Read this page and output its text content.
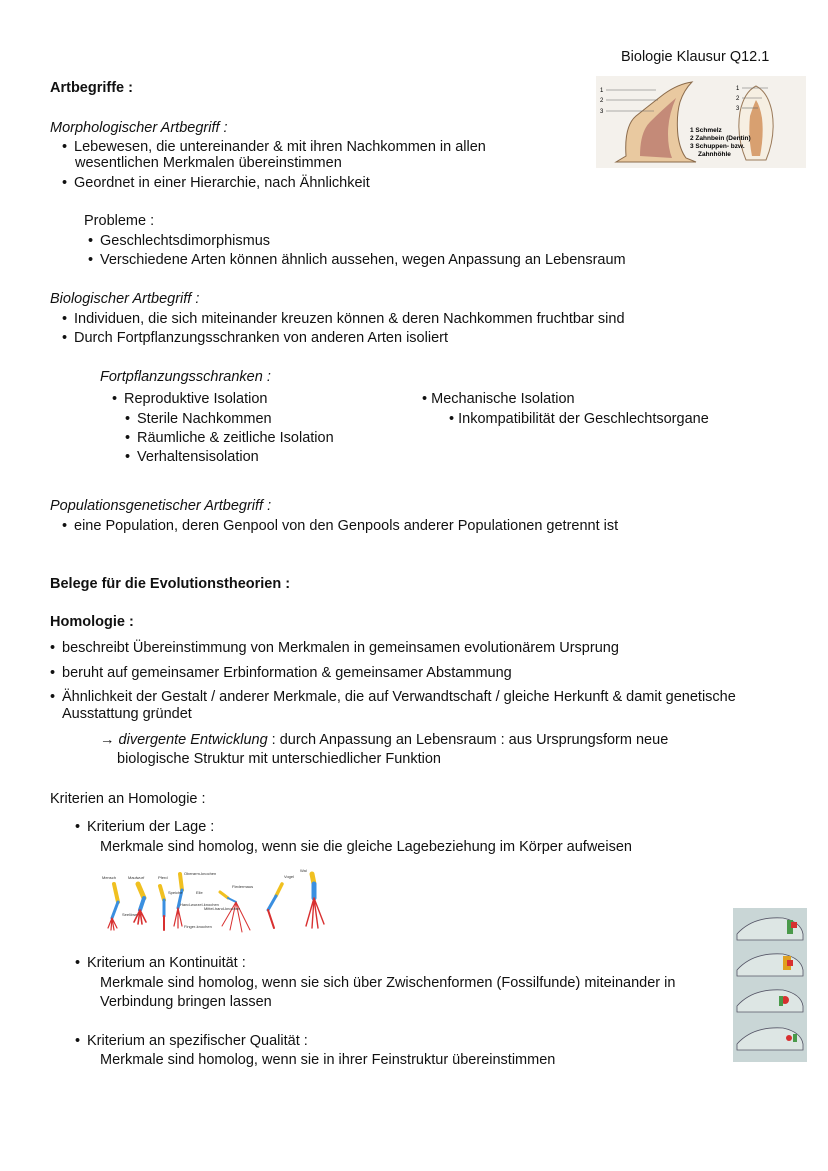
Biologie Klausur Q12.1
Artbegriffe :
Morphologischer Artbegriff :
• Lebewesen, die untereinander & mit ihren Nachkommen in allen
wesentlichen Merkmalen übereinstimmen
• Geordnet in einer Hierarchie, nach Ähnlichkeit
Probleme :
• Geschlechtsdimorphismus
• Verschiedene Arten können ähnlich aussehen, wegen Anpassung an Lebensraum
Biologischer Artbegriff :
• Individuen, die sich miteinander kreuzen können & deren Nachkommen fruchtbar sind
• Durch Fortpflanzungsschranken von anderen Arten isoliert
Fortpflanzungsschranken :
• Reproduktive Isolation
• Sterile Nachkommen
• Räumliche & zeitliche Isolation
• Verhaltensisolation
• Mechanische Isolation
• Inkompatibilität der Geschlechtsorgane
Populationsgenetischer Artbegriff :
• eine Population, deren Genpool von den Genpools anderer Populationen getrennt ist
Belege für die Evolutionstheorien :
Homologie :
• beschreibt Übereinstimmung von Merkmalen in gemeinsamen evolutionärem Ursprung
• beruht auf gemeinsamer Erbinformation & gemeinsamer Abstammung
• Ähnlichkeit der Gestalt / anderer Merkmale, die auf Verwandtschaft / gleiche Herkunft & damit genetische
Ausstattung gründet
→ divergente Entwicklung : durch Anpassung an Lebensraum : aus Ursprungsform neue
biologische Struktur mit unterschiedlicher Funktion
Kriterien an Homologie :
• Kriterium der Lage :
Merkmale sind homolog, wenn sie die gleiche Lagebeziehung im Körper aufweisen
• Kriterium an Kontinuität :
Merkmale sind homolog, wenn sie sich über Zwischenformen (Fossilfunde) miteinander in
Verbindung bringen lassen
• Kriterium an spezifischer Qualität :
Merkmale sind homolog, wenn sie in ihrer Feinstruktur übereinstimmen
1
2
3
1
2
3
1 Schmelz
2 Zahnbein (Dentin)
3 Schuppen- bzw.
Zahnhöhle
Mensch	Maulwurf	Pferd
Oberarm-knochen
Fledermaus
Vogel
Wal
Speiche	Elle
Seelöwe
Hand-wurzel-knochen
Mittel-hand-knochen
Finger-knochen
